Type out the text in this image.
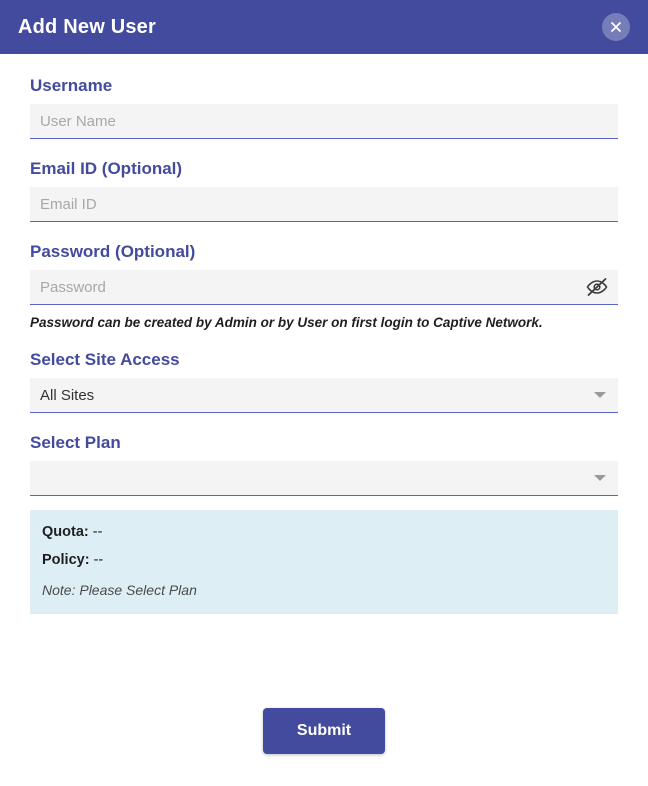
Add New User
Username
User Name
Email ID (Optional)
Email ID
Password (Optional)
Password
Password can be created by Admin or by User on first login to Captive Network.
Select Site Access
All Sites
Select Plan
Quota: --
Policy: --
Note: Please Select Plan
Submit
